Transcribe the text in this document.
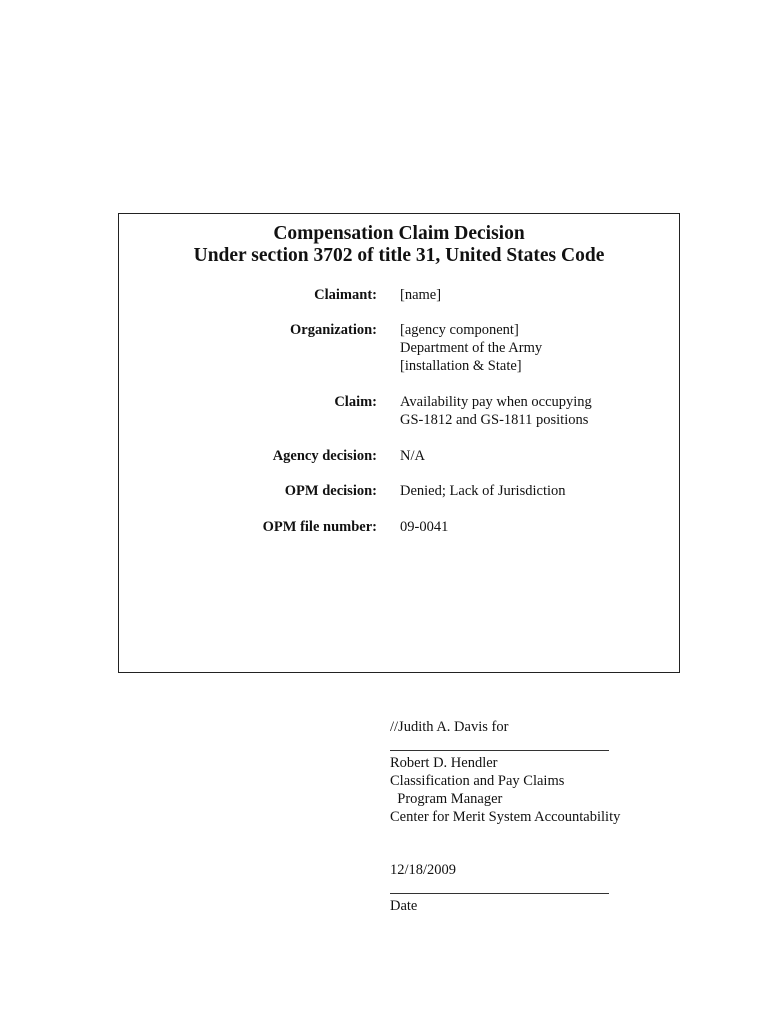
Compensation Claim Decision
Under section 3702 of title 31, United States Code
Claimant: [name]
Organization: [agency component]
Department of the Army
[installation & State]
Claim: Availability pay when occupying
GS-1812 and GS-1811 positions
Agency decision: N/A
OPM decision: Denied; Lack of Jurisdiction
OPM file number: 09-0041
//Judith A. Davis for
Robert D. Hendler
Classification and Pay Claims
Program Manager
Center for Merit System Accountability
12/18/2009
Date
